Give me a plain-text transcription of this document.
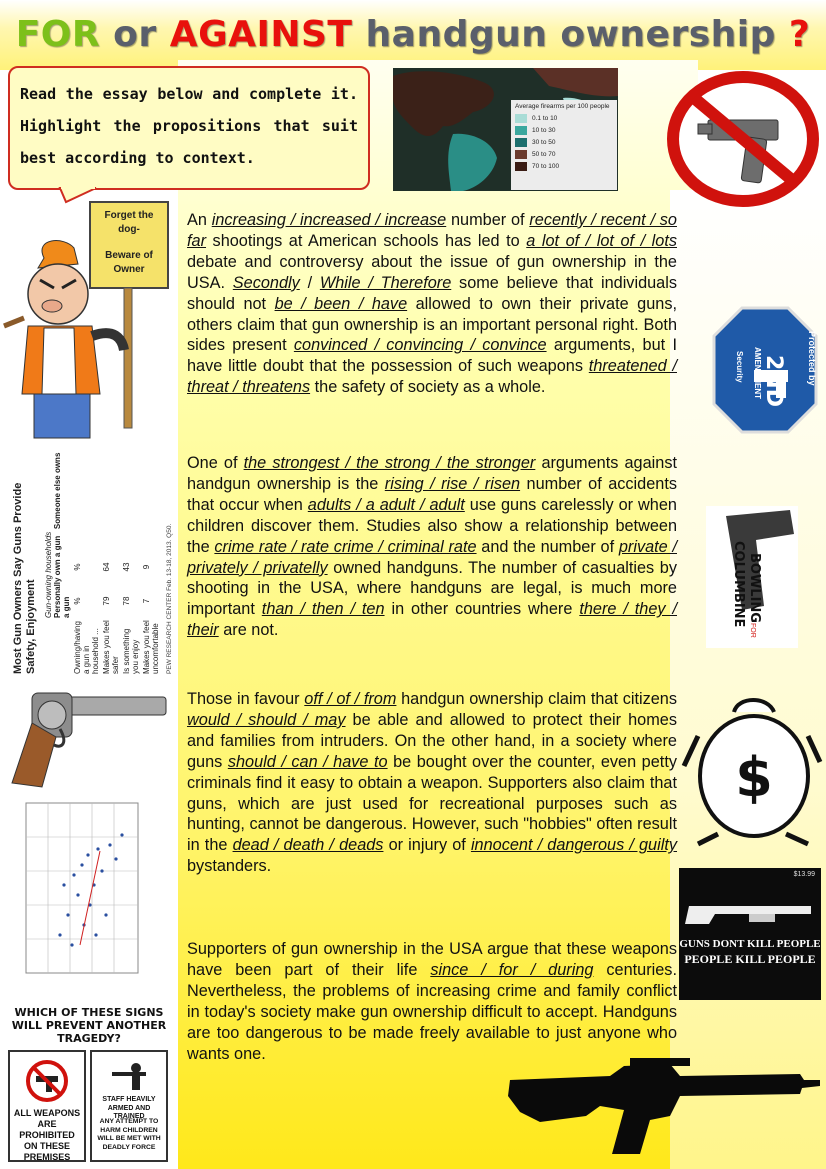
FOR or AGAINST handgun ownership ?
Read the essay below and complete it. Highlight the propositions that suit best according to context.
Average firearms per 100 people
0.1 to 10
10 to 30
30 to 50
50 to 70
70 to 100
Forget the
dog-
Beware of
Owner
Most Gun Owners Say Guns Provide Safety, Enjoyment
Gun-owning households Personally own a gun   Someone else owns a gun
Owning/having a gun in household ...
%
%
Makes you feel safer
79
64
Is something you enjoy
78
43
Makes you feel uncomfortable
7
9	PEW RESEARCH CENTER Feb. 13-18, 2013. Q50.
WHICH OF THESE SIGNS WILL PREVENT ANOTHER TRAGEDY?
ALL WEAPONS ARE PROHIBITED ON THESE PREMISES
STAFF HEAVILY ARMED AND TRAINED
ANY ATTEMPT TO HARM CHILDREN WILL BE MET WITH DEADLY FORCE
Protected by
Security
BOWLING
FOR
COLUMBINE
$
$13.99
GUNS DONT KILL PEOPLE
PEOPLE KILL PEOPLE
An increasing / increased / increase number of recently / recent / so far shootings at American schools has led to a lot of / lot of / lots debate and controversy about the issue of gun ownership in the USA. Secondly / While / Therefore some believe that individuals should not be / been / have allowed to own their private guns, others claim that gun ownership is an important personal right. Both sides present convinced / convincing / convince arguments, but I have little doubt that the possession of such weapons threatened / threat / threatens the safety of society as a whole.
One of the strongest / the strong / the stronger arguments against handgun ownership is the rising / rise / risen number of accidents that occur when adults / a adult / adult use guns carelessly or when children discover them. Studies also show a relationship between the crime rate / rate crime / criminal rate and the number of private / privately / privatelly owned handguns. The number of casualties by shooting in the USA, where handguns are legal, is much more important than / then / ten in other countries where there / they / their are not.
Those in favour off / of / from handgun ownership claim that citizens would / should / may be able and allowed to protect their homes and families from intruders. On the other hand, in a society where guns should / can / have to be bought over the counter, even petty criminals find it easy to obtain a weapon. Supporters also claim that guns, which are just used for recreational purposes such as hunting, cannot be dangerous. However, such "hobbies" often result in the dead / death / deads or injury of innocent / dangerous / guilty bystanders.
Supporters of gun ownership in the USA argue that these weapons have been part of their life since / for / during centuries. Nevertheless, the problems of increasing crime and family conflict in today's society make gun ownership difficult to accept. Handguns are too dangerous to be made freely available to just anyone who wants one.
